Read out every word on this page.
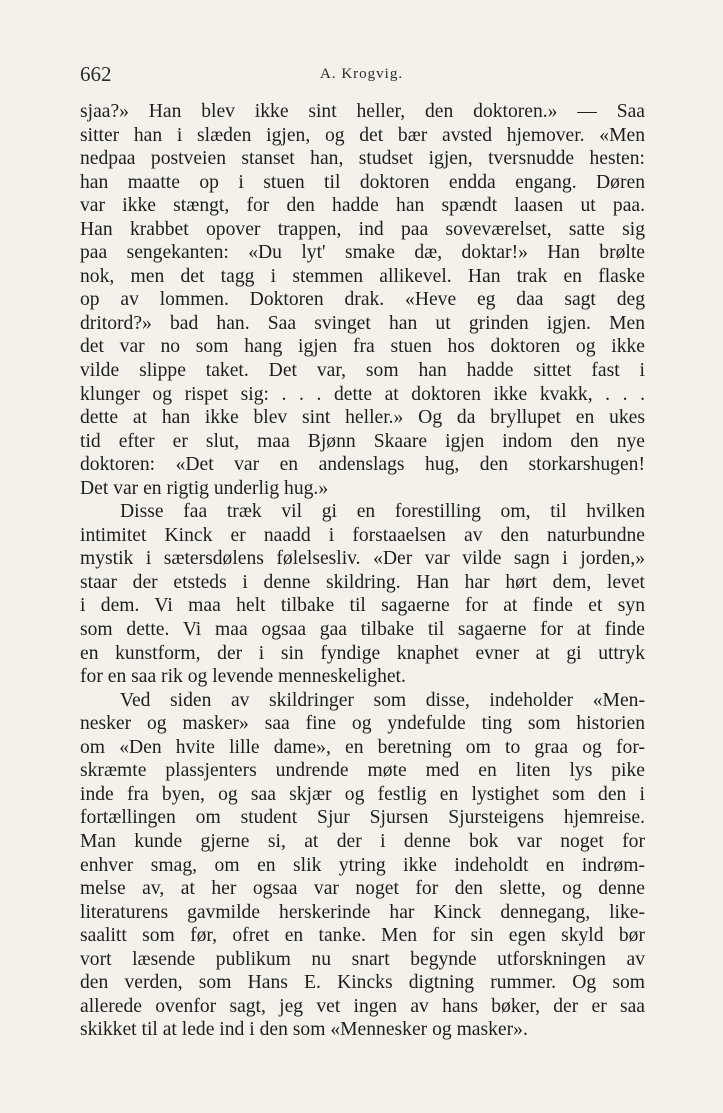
662	A. Krogvig.
sjaa?» Han blev ikke sint heller, den doktoren.» — Saa
sitter han i slæden igjen, og det bær avsted hjemover. «Men
nedpaa postveien stanset han, studset igjen, tversnudde hesten:
han maatte op i stuen til doktoren endda engang. Døren
var ikke stængt, for den hadde han spændt laasen ut paa.
Han krabbet opover trappen, ind paa soveværelset, satte sig
paa sengekanten: «Du lyt' smake dæ, doktar!» Han brølte
nok, men det tagg i stemmen allikevel. Han trak en flaske
op av lommen. Doktoren drak. «Heve eg daa sagt deg
dritord?» bad han. Saa svinget han ut grinden igjen. Men
det var no som hang igjen fra stuen hos doktoren og ikke
vilde slippe taket. Det var, som han hadde sittet fast i
klunger og rispet sig: . . . dette at doktoren ikke kvakk, . . .
dette at han ikke blev sint heller.» Og da bryllupet en ukes
tid efter er slut, maa Bjønn Skaare igjen indom den nye
doktoren: «Det var en andenslags hug, den storkarshugen!
Det var en rigtig underlig hug.»
Disse faa træk vil gi en forestilling om, til hvilken
intimitet Kinck er naadd i forstaaelsen av den naturbundne
mystik i sætersdølens følelsesliv. «Der var vilde sagn i jorden,»
staar der etsteds i denne skildring. Han har hørt dem, levet
i dem. Vi maa helt tilbake til sagaerne for at finde et syn
som dette. Vi maa ogsaa gaa tilbake til sagaerne for at finde
en kunstform, der i sin fyndige knaphet evner at gi uttryk
for en saa rik og levende menneskelighet.
Ved siden av skildringer som disse, indeholder «Men-
nesker og masker» saa fine og yndefulde ting som historien
om «Den hvite lille dame», en beretning om to graa og for-
skræmte plassjenters undrende møte med en liten lys pike
inde fra byen, og saa skjær og festlig en lystighet som den i
fortællingen om student Sjur Sjursen Sjursteigens hjemreise.
Man kunde gjerne si, at der i denne bok var noget for
enhver smag, om en slik ytring ikke indeholdt en indrøm-
melse av, at her ogsaa var noget for den slette, og denne
literaturens gavmilde herskerinde har Kinck dennegang, like-
saalitt som før, ofret en tanke. Men for sin egen skyld bør
vort læsende publikum nu snart begynde utforskningen av
den verden, som Hans E. Kincks digtning rummer. Og som
allerede ovenfor sagt, jeg vet ingen av hans bøker, der er saa
skikket til at lede ind i den som «Mennesker og masker».
